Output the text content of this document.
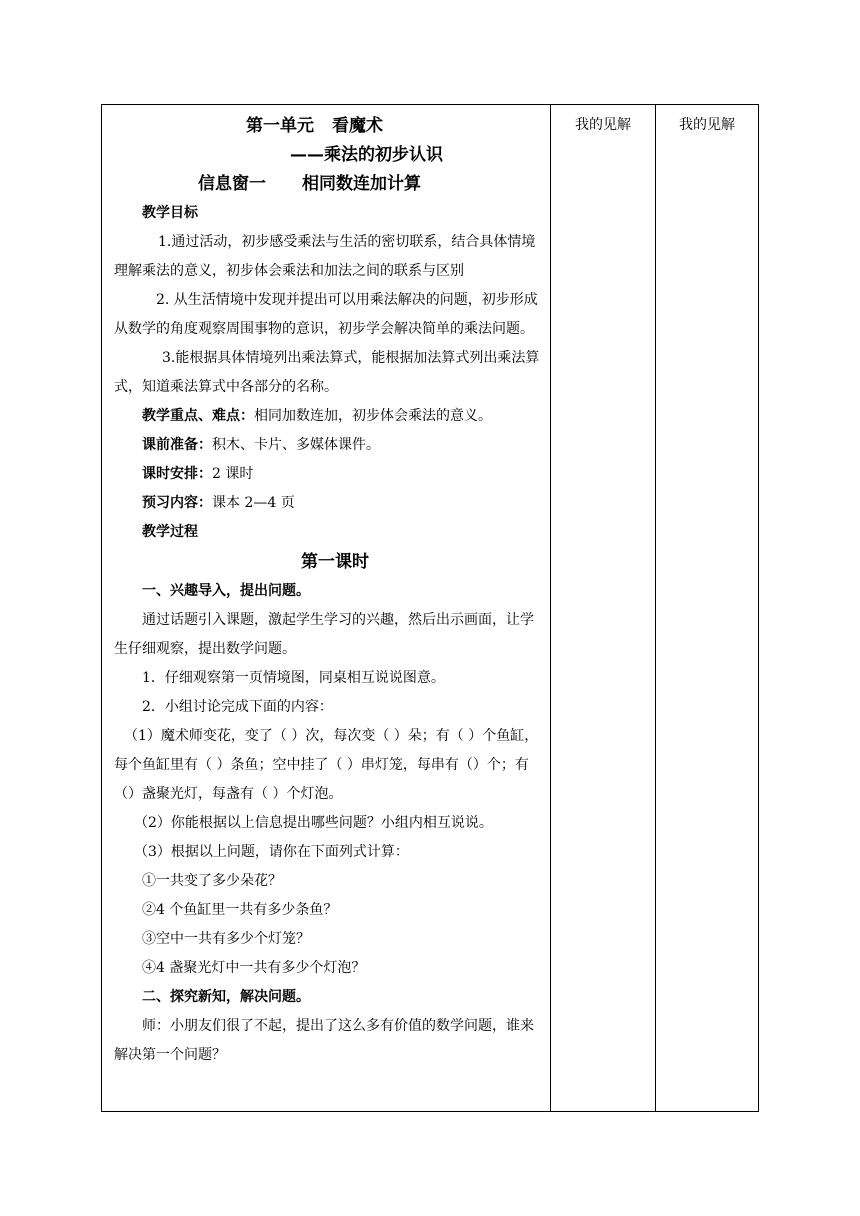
第一单元 看魔术
——乘法的初步认识
信息窗一 相同数连加计算

教学目标

1.通过活动，初步感受乘法与生活的密切联系，结合具体情境理解乘法的意义，初步体会乘法和加法之间的联系与区别

2. 从生活情境中发现并提出可以用乘法解决的问题，初步形成从数学的角度观察周围事物的意识，初步学会解决简单的乘法问题。

3.能根据具体情境列出乘法算式，能根据加法算式列出乘法算式，知道乘法算式中各部分的名称。

教学重点、难点：相同加数连加，初步体会乘法的意义。

课前准备：积木、卡片、多媒体课件。

课时安排：2 课时

预习内容：课本 2—4 页

教学过程

第一课时

一、兴趣导入，提出问题。

通过话题引入课题，激起学生学习的兴趣，然后出示画面，让学生仔细观察，提出数学问题。

1．仔细观察第一页情境图，同桌相互说说图意。

2．小组讨论完成下面的内容：

（1）魔术师变花，变了（ ）次，每次变（ ）朵；有（ ）个鱼缸，每个鱼缸里有（ ）条鱼；空中挂了（ ）串灯笼，每串有（）个；有（）盏聚光灯，每盏有（ ）个灯泡。

（2）你能根据以上信息提出哪些问题？小组内相互说说。

（3）根据以上问题，请你在下面列式计算：

①一共变了多少朵花？

②4 个鱼缸里一共有多少条鱼？

③空中一共有多少个灯笼？

④4 盏聚光灯中一共有多少个灯泡？

二、探究新知，解决问题。

师：小朋友们很了不起，提出了这么多有价值的数学问题，谁来解决第一个问题？

我的见解	我的见解
